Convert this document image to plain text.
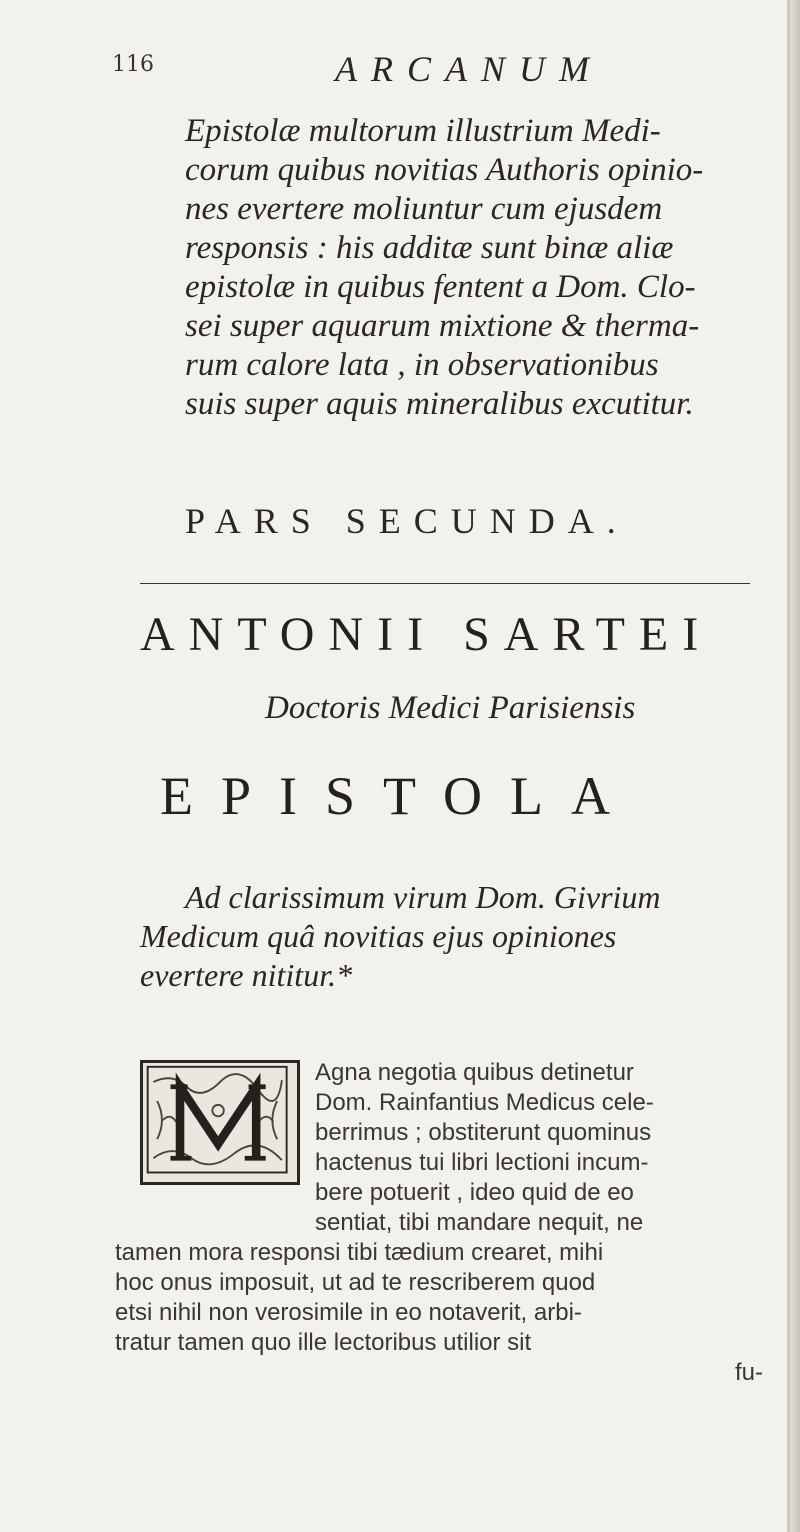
116	ARCANUM
Epistolæ multorum illustrium Medi-
corum quibus novitias Authoris opinio-
nes evertere moliuntur cum ejusdem
responsis : his additæ sunt binæ aliæ
epistolæ in quibus fentent a Dom. Clo-
sei super aquarum mixtione & therma-
rum calore lata , in observationibus
suis super aquis mineralibus excutitur.
PARS SECUNDA.
ANTONII SARTEI
Doctoris Medici Parisiensis
EPISTOLA
Ad clarissimum virum Dom. Givrium
Medicum quâ novitias ejus opiniones
evertere nititur.*
Agna negotia quibus detinetur
Dom. Rainfantius Medicus cele-
berrimus ; obstiterunt quominus
hactenus tui libri lectioni incum-
bere potuerit , ideo quid de eo
sentiat, tibi mandare nequit, ne
tamen mora responsi tibi tædium crearet, mihi
hoc onus imposuit, ut ad te rescriberem quod
etsi nihil non verosimile in eo notaverit, arbi-
tratur tamen quo ille lectoribus utilior sit
fu-
